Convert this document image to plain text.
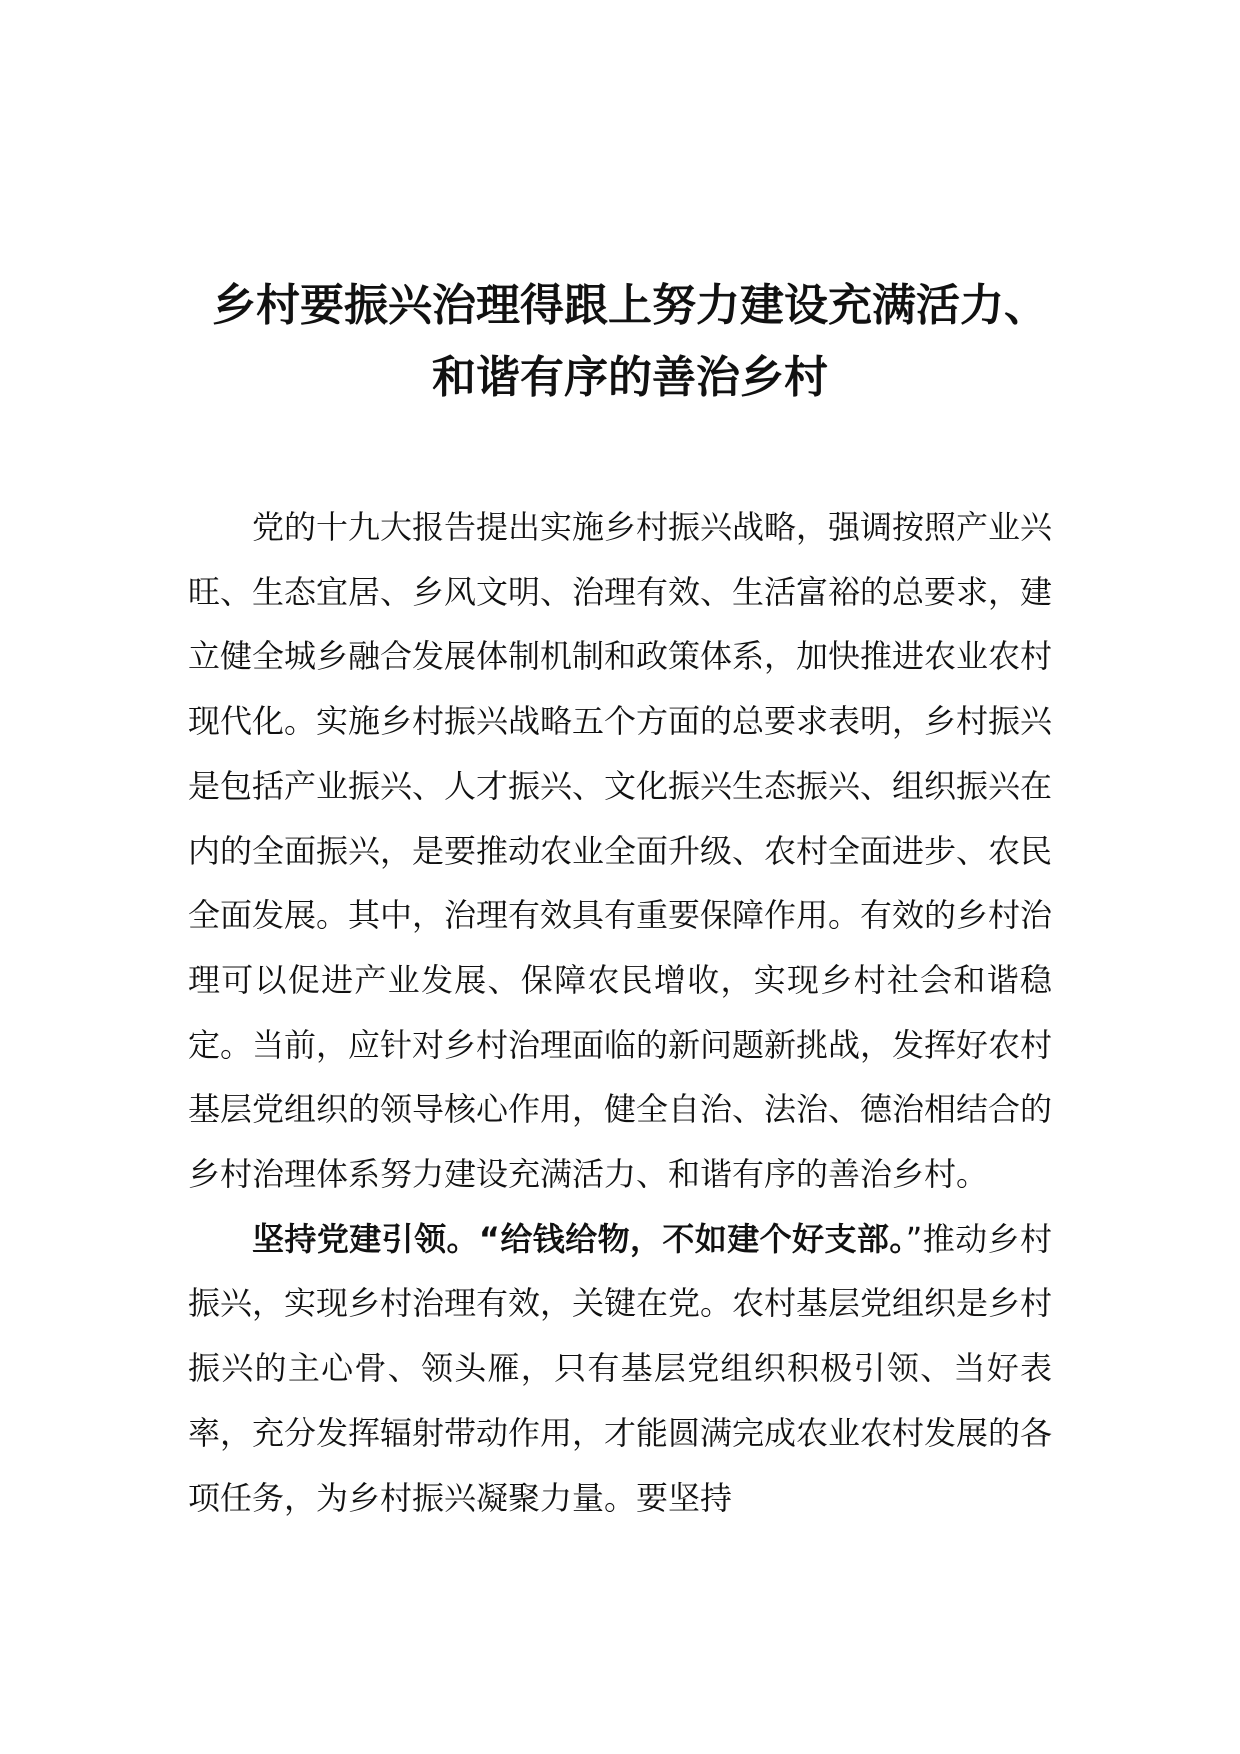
乡村要振兴治理得跟上努力建设充满活力、
和谐有序的善治乡村

党的十九大报告提出实施乡村振兴战略，强调按照产业兴旺、生态宜居、乡风文明、治理有效、生活富裕的总要求，建立健全城乡融合发展体制机制和政策体系，加快推进农业农村现代化。实施乡村振兴战略五个方面的总要求表明，乡村振兴是包括产业振兴、人才振兴、文化振兴生态振兴、组织振兴在内的全面振兴，是要推动农业全面升级、农村全面进步、农民全面发展。其中，治理有效具有重要保障作用。有效的乡村治理可以促进产业发展、保障农民增收，实现乡村社会和谐稳定。当前，应针对乡村治理面临的新问题新挑战，发挥好农村基层党组织的领导核心作用，健全自治、法治、德治相结合的乡村治理体系努力建设充满活力、和谐有序的善治乡村。

坚持党建引领。“给钱给物，不如建个好支部。”推动乡村振兴，实现乡村治理有效，关键在党。农村基层党组织是乡村振兴的主心骨、领头雁，只有基层党组织积极引领、当好表率，充分发挥辐射带动作用，才能圆满完成农业农村发展的各项任务，为乡村振兴凝聚力量。要坚持
